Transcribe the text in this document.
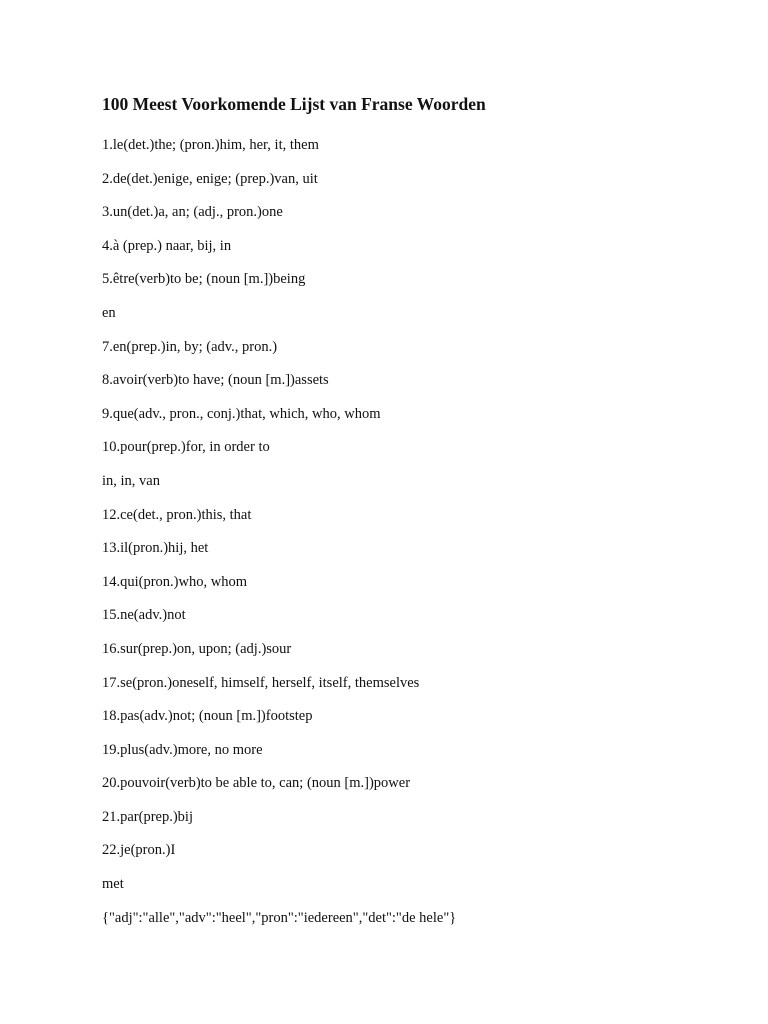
100 Meest Voorkomende Lijst van Franse Woorden
1.le(det.)the; (pron.)him, her, it, them
2.de(det.)enige, enige; (prep.)van, uit
3.un(det.)a, an; (adj., pron.)one
4.à (prep.) naar, bij, in
5.être(verb)to be; (noun [m.])being
en
7.en(prep.)in, by; (adv., pron.)
8.avoir(verb)to have; (noun [m.])assets
9.que(adv., pron., conj.)that, which, who, whom
10.pour(prep.)for, in order to
in, in, van
12.ce(det., pron.)this, that
13.il(pron.)hij, het
14.qui(pron.)who, whom
15.ne(adv.)not
16.sur(prep.)on, upon; (adj.)sour
17.se(pron.)oneself, himself, herself, itself, themselves
18.pas(adv.)not; (noun [m.])footstep
19.plus(adv.)more, no more
20.pouvoir(verb)to be able to, can; (noun [m.])power
21.par(prep.)bij
22.je(pron.)I
met
{"adj":"alle","adv":"heel","pron":"iedereen","det":"de hele"}
